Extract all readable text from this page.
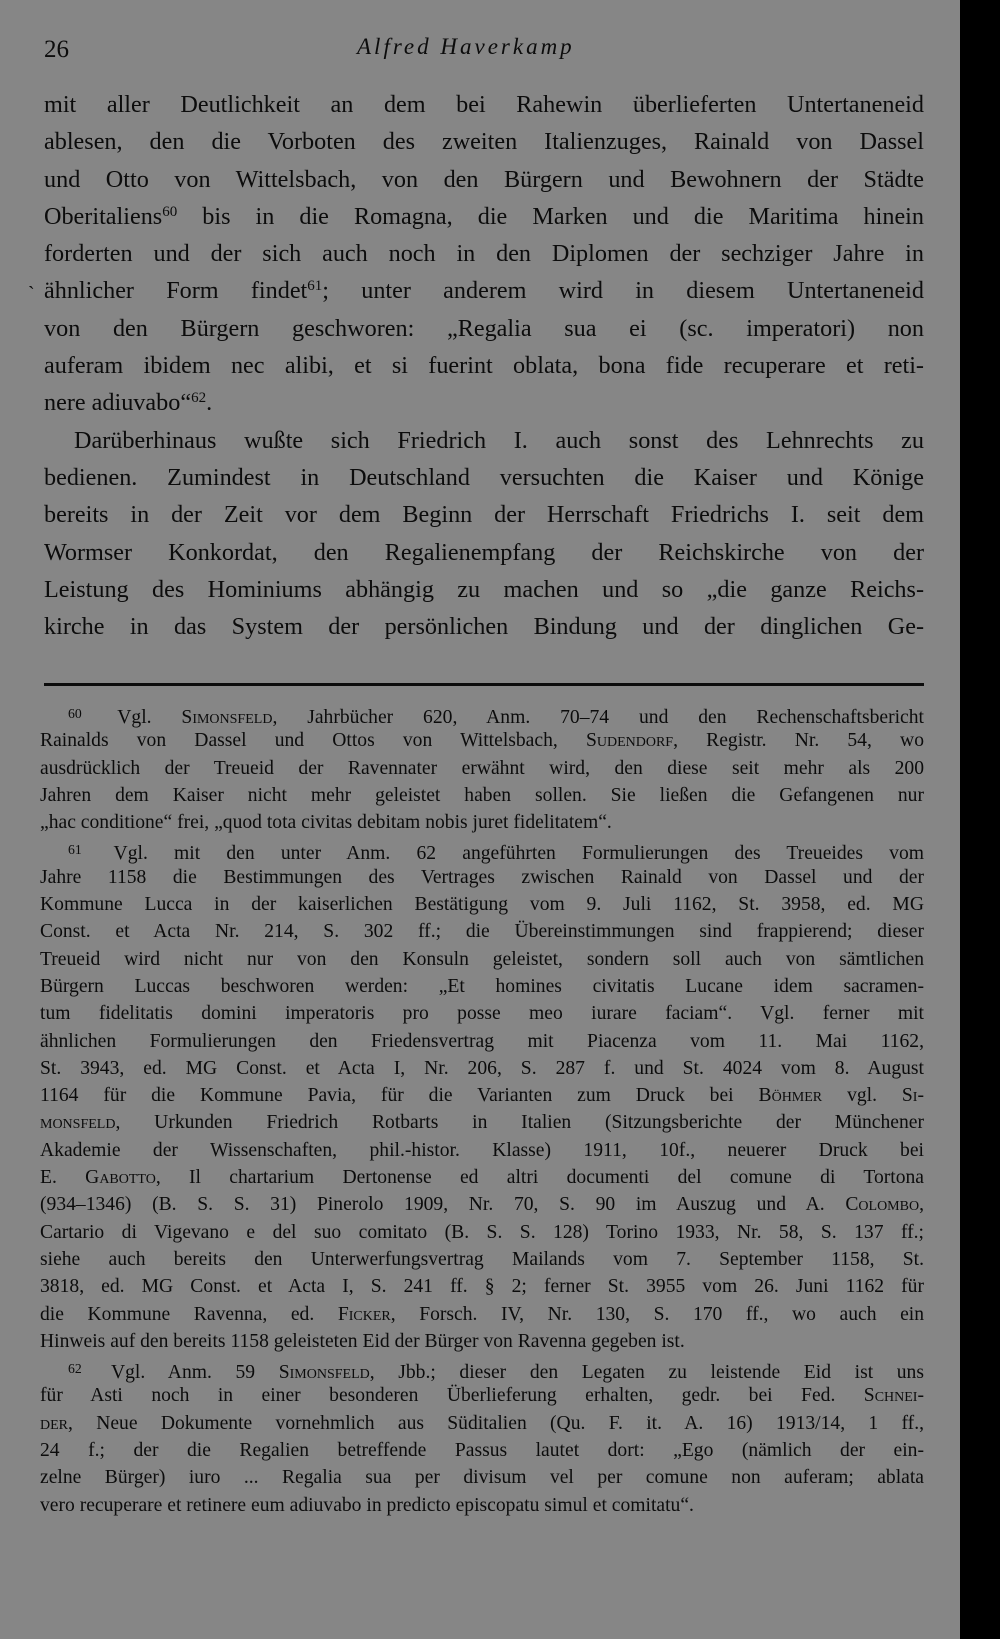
26	Alfred Haverkamp
`
mit aller Deutlichkeit an dem bei Rahewin überlieferten Untertaneneid
ablesen, den die Vorboten des zweiten Italienzuges, Rainald von Dassel
und Otto von Wittelsbach, von den Bürgern und Bewohnern der Städte
Oberitaliens$^{60}$ bis in die Romagna, die Marken und die Maritima hinein
forderten und der sich auch noch in den Diplomen der sechziger Jahre in
ähnlicher Form findet$^{61}$; unter anderem wird in diesem Untertaneneid
von den Bürgern geschworen: „Regalia sua ei (sc. imperatori) non
auferam ibidem nec alibi, et si fuerint oblata, bona fide recuperare et reti-
nere adiuvabo“$^{62}$.
Darüberhinaus wußte sich Friedrich I. auch sonst des Lehnrechts zu
bedienen. Zumindest in Deutschland versuchten die Kaiser und Könige
bereits in der Zeit vor dem Beginn der Herrschaft Friedrichs I. seit dem
Wormser Konkordat, den Regalienempfang der Reichskirche von der
Leistung des Hominiums abhängig zu machen und so „die ganze Reichs-
kirche in das System der persönlichen Bindung und der dinglichen Ge-
$^{60}$ Vgl. Simonsfeld, Jahrbücher 620, Anm. 70–74 und den Rechenschaftsbericht
Rainalds von Dassel und Ottos von Wittelsbach, Sudendorf, Registr. Nr. 54, wo
ausdrücklich der Treueid der Ravennater erwähnt wird, den diese seit mehr als 200
Jahren dem Kaiser nicht mehr geleistet haben sollen. Sie ließen die Gefangenen nur
„hac conditione“ frei, „quod tota civitas debitam nobis juret fidelitatem“.
$^{61}$ Vgl. mit den unter Anm. 62 angeführten Formulierungen des Treueides vom
Jahre 1158 die Bestimmungen des Vertrages zwischen Rainald von Dassel und der
Kommune Lucca in der kaiserlichen Bestätigung vom 9. Juli 1162, St. 3958, ed. MG
Const. et Acta Nr. 214, S. 302 ff.; die Übereinstimmungen sind frappierend; dieser
Treueid wird nicht nur von den Konsuln geleistet, sondern soll auch von sämtlichen
Bürgern Luccas beschworen werden: „Et homines civitatis Lucane idem sacramen-
tum fidelitatis domini imperatoris pro posse meo iurare faciam“. Vgl. ferner mit
ähnlichen Formulierungen den Friedensvertrag mit Piacenza vom 11. Mai 1162,
St. 3943, ed. MG Const. et Acta I, Nr. 206, S. 287 f. und St. 4024 vom 8. August
1164 für die Kommune Pavia, für die Varianten zum Druck bei Böhmer vgl. Si-
monsfeld, Urkunden Friedrich Rotbarts in Italien (Sitzungsberichte der Münchener
Akademie der Wissenschaften, phil.-histor. Klasse) 1911, 10f., neuerer Druck bei
E. Gabotto, Il chartarium Dertonense ed altri documenti del comune di Tortona
(934–1346) (B. S. S. 31) Pinerolo 1909, Nr. 70, S. 90 im Auszug und A. Colombo,
Cartario di Vigevano e del suo comitato (B. S. S. 128) Torino 1933, Nr. 58, S. 137 ff.;
siehe auch bereits den Unterwerfungsvertrag Mailands vom 7. September 1158, St.
3818, ed. MG Const. et Acta I, S. 241 ff. § 2; ferner St. 3955 vom 26. Juni 1162 für
die Kommune Ravenna, ed. Ficker, Forsch. IV, Nr. 130, S. 170 ff., wo auch ein
Hinweis auf den bereits 1158 geleisteten Eid der Bürger von Ravenna gegeben ist.
$^{62}$ Vgl. Anm. 59 Simonsfeld, Jbb.; dieser den Legaten zu leistende Eid ist uns
für Asti noch in einer besonderen Überlieferung erhalten, gedr. bei Fed. Schnei-
der, Neue Dokumente vornehmlich aus Süditalien (Qu. F. it. A. 16) 1913/14, 1 ff.,
24 f.; der die Regalien betreffende Passus lautet dort: „Ego (nämlich der ein-
zelne Bürger) iuro ... Regalia sua per divisum vel per comune non auferam; ablata
vero recuperare et retinere eum adiuvabo in predicto episcopatu simul et comitatu“.
